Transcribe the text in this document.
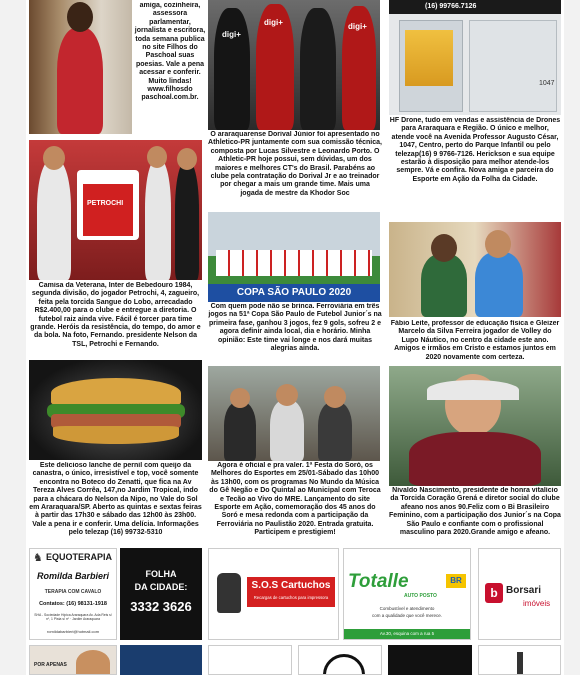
amiga, cozinheira, assessora parlamentar, jornalista e escritora, toda semana publica no site Filhos do Paschoal suas poesias. Vale a pena acessar e conferir. Muito lindas! www.filhosdo paschoal.com.br.
digi+
digi+	digi+
O araraquarense Dorival Júnior foi apresentado no Athletico-PR juntamente com sua comissão técnica, composta por Lucas Silvestre e Leonardo Porto. O Athletic-PR hoje possui, sem dúvidas, um dos maiores e melhores CT's do Brasil. Parabéns ao clube pela contratação do Dorival Jr e ao treinador por chegar a mais um grande time. Mais uma jogada de mestre da Khodor Soc
(16) 99766.7126
1047
HF Drone, tudo em vendas e assistência de Drones para Araraquara e Região. O único e melhor, atende você na Avenida Professor Augusto César, 1047, Centro, perto do Parque Infantil ou pelo telezap(16) 9 9766-7126. Herickson e sua equipe estarão à disposição para melhor atende-los sempre. Vá e confira. Nova amiga e parceira do Esporte em Ação da Folha da Cidade.
PETROCHI
Camisa da Veterana, Inter de Bebedouro 1984, segunda divisão, do jogador Petrochi, 4, zagueiro, feita pela torcida Sangue do Lobo, arrecadado R$2.400,00 para o clube e entregue a diretoria. O futebol raiz ainda vive. Fácil é torcer para time grande. Heróis da resistência, do tempo, do amor e da bola. Na foto, Fernando. presidente Nelson da TSL, Petrochi e Fernando.
COPA SÃO PAULO 2020
Com quem pode não se brinca. Ferroviária em três jogos na 51ª Copa São Paulo de Futebol Junior´s na primeira fase, ganhou 3 jogos, fez 9 gols, sofreu 2 e agora definir ainda local, dia e horário. Minha opinião: Este time vai longe e nos dará muitas alegrias ainda.
Fábio Leite, professor de educação física e Gleizer Marcelo da Silva Ferreira jogador de Volley do Lupo Náutico, no centro da cidade este ano. Amigos e irmãos em Cristo e estamos juntos em 2020 novamente com certeza.
Este delicioso lanche de pernil com queijo da canastra, o único, irresistível e top, você somente encontra no Boteco do Zenatti, que fica na Av Tereza Alves Corrêa, 147,no Jardim Tropical, indo para a chácara do Nelson da Nipo, no Vale do Sol em Araraquara/SP. Aberto as quintas e sextas feiras à partir das 17h30 e sábado das 12h00 às 23h00. Vale a pena ir e conferir. Uma delícia. Informações pelo telezap (16) 99732-5310
Agora é oficial e pra valer. 1ª Festa do Soró, os Melhores do Esportes em 25/01-Sábado das 10h00 às 13h00, com os programas No Mundo da Música do Gê Negão e Do Quintal ao Municipal com Teroca e Tecão ao Vivo do MRE. Lançamento do site Esporte em Ação, comemoração dos 45 anos do Soró e mesa redonda com a participação da Ferroviária no Paulistão 2020. Entrada gratuita. Participem e prestigiem!
Nivaldo Nascimento, presidente de honra vitalício da Torcida Coração Grená e diretor social do clube afeano nos anos 90.Feliz com o Bi Brasileiro Feminino, com a participação dos Junior´s na Copa São Paulo e confiante com o profissional masculino para 2020.Grande amigo e afeano.
♞ EQUOTERAPIA
Romilda Barbieri
TERAPIA COM CAVALO
Contatos: (16) 98131-1918
SHA - Sociedade Hípica Araraquara Av. Ada Reis s/ nº, 1 Pista s/ nº · Jardim Araraquara
romildabarbieri@hotmail.com
FOLHA
DA CIDADE:
3332 3626
S.O.S Cartuchos
Recargas de cartuchos para impressora
Totalle	BR
AUTO POSTO
Combustível e atendimento
com a qualidade que você merece.
Av.30, esquina com a rua 5
b Borsari
imóveis
POR APENAS
